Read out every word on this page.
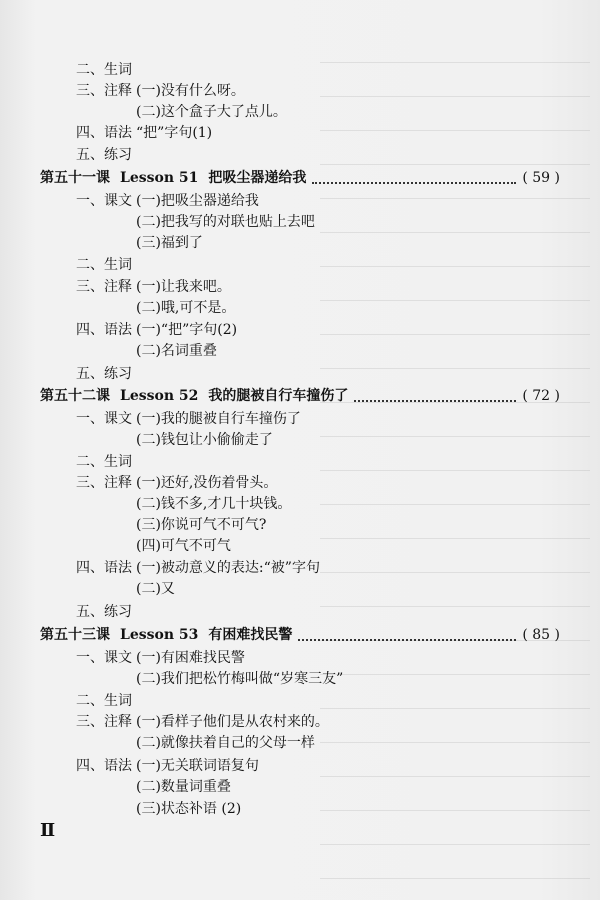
二、生词
三、注释 (一)没有什么呀。
(二)这个盒子大了点儿。
四、语法 “把”字句(1)
五、练习
第五十一课 Lesson 51 把吸尘器递给我	( 59 )
一、课文 (一)把吸尘器递给我
(二)把我写的对联也贴上去吧
(三)福到了
二、生词
三、注释 (一)让我来吧。
(二)哦,可不是。
四、语法 (一)“把”字句(2)
(二)名词重叠
五、练习
第五十二课 Lesson 52 我的腿被自行车撞伤了	( 72 )
一、课文 (一)我的腿被自行车撞伤了
(二)钱包让小偷偷走了
二、生词
三、注释 (一)还好,没伤着骨头。
(二)钱不多,才几十块钱。
(三)你说可气不可气?
(四)可气不可气
四、语法 (一)被动意义的表达:“被”字句
(二)又
五、练习
第五十三课 Lesson 53 有困难找民警	( 85 )
一、课文 (一)有困难找民警
(二)我们把松竹梅叫做“岁寒三友”
二、生词
三、注释 (一)看样子他们是从农村来的。
(二)就像扶着自己的父母一样
四、语法 (一)无关联词语复句
(二)数量词重叠
(三)状态补语 (2)
Ⅱ
